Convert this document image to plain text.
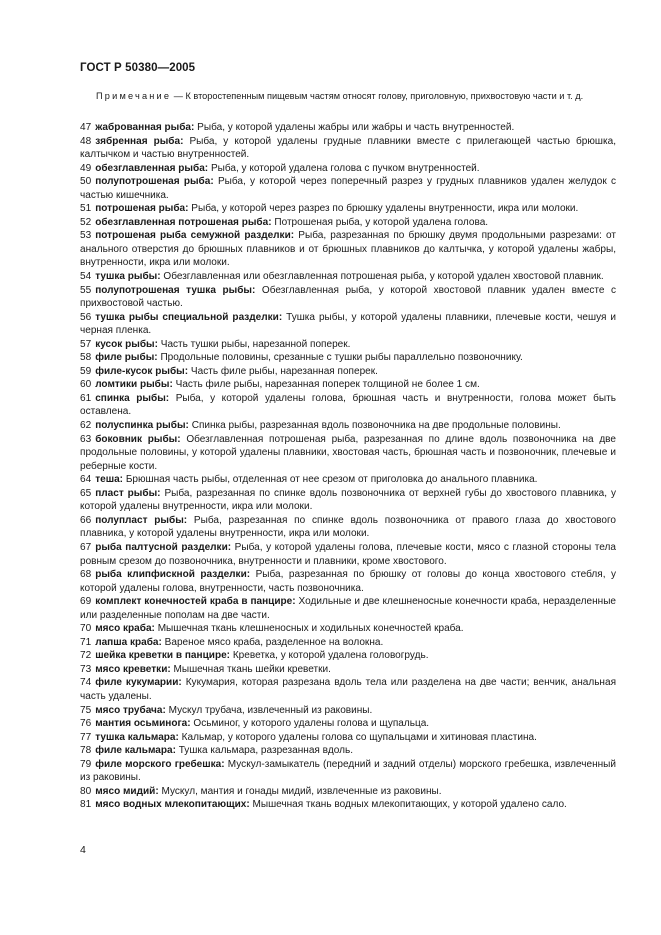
ГОСТ Р 50380—2005
Примечание — К второстепенным пищевым частям относят голову, приголовную, прихвостовую части и т. д.
47 жаброванная рыба: Рыба, у которой удалены жабры или жабры и часть внутренностей.
48 зябренная рыба: Рыба, у которой удалены грудные плавники вместе с прилегающей частью брюшка, калтычком и частью внутренностей.
49 обезглавленная рыба: Рыба, у которой удалена голова с пучком внутренностей.
50 полупотрошеная рыба: Рыба, у которой через поперечный разрез у грудных плавников удален желудок с частью кишечника.
51 потрошеная рыба: Рыба, у которой через разрез по брюшку удалены внутренности, икра или молоки.
52 обезглавленная потрошеная рыба: Потрошеная рыба, у которой удалена голова.
53 потрошеная рыба семужной разделки: Рыба, разрезанная по брюшку двумя продольными разрезами: от анального отверстия до брюшных плавников и от брюшных плавников до калтычка, у которой удалены жабры, внутренности, икра или молоки.
54 тушка рыбы: Обезглавленная или обезглавленная потрошеная рыба, у которой удален хвостовой плавник.
55 полупотрошеная тушка рыбы: Обезглавленная рыба, у которой хвостовой плавник удален вместе с прихвостовой частью.
56 тушка рыбы специальной разделки: Тушка рыбы, у которой удалены плавники, плечевые кости, чешуя и черная пленка.
57 кусок рыбы: Часть тушки рыбы, нарезанной поперек.
58 филе рыбы: Продольные половины, срезанные с тушки рыбы параллельно позвоночнику.
59 филе-кусок рыбы: Часть филе рыбы, нарезанная поперек.
60 ломтики рыбы: Часть филе рыбы, нарезанная поперек толщиной не более 1 см.
61 спинка рыбы: Рыба, у которой удалены голова, брюшная часть и внутренности, голова может быть оставлена.
62 полуспинка рыбы: Спинка рыбы, разрезанная вдоль позвоночника на две продольные половины.
63 боковник рыбы: Обезглавленная потрошеная рыба, разрезанная по длине вдоль позвоночника на две продольные половины, у которой удалены плавники, хвостовая часть, брюшная часть и позвоночник, плечевые и реберные кости.
64 теша: Брюшная часть рыбы, отделенная от нее срезом от приголовка до анального плавника.
65 пласт рыбы: Рыба, разрезанная по спинке вдоль позвоночника от верхней губы до хвостового плавника, у которой удалены внутренности, икра или молоки.
66 полупласт рыбы: Рыба, разрезанная по спинке вдоль позвоночника от правого глаза до хвостового плавника, у которой удалены внутренности, икра или молоки.
67 рыба палтусной разделки: Рыба, у которой удалены голова, плечевые кости, мясо с глазной стороны тела ровным срезом до позвоночника, внутренности и плавники, кроме хвостового.
68 рыба клипфискной разделки: Рыба, разрезанная по брюшку от головы до конца хвостового стебля, у которой удалены голова, внутренности, часть позвоночника.
69 комплект конечностей краба в панцире: Ходильные и две клешненосные конечности краба, неразделенные или разделенные пополам на две части.
70 мясо краба: Мышечная ткань клешненосных и ходильных конечностей краба.
71 лапша краба: Вареное мясо краба, разделенное на волокна.
72 шейка креветки в панцире: Креветка, у которой удалена головогрудь.
73 мясо креветки: Мышечная ткань шейки креветки.
74 филе кукумарии: Кукумария, которая разрезана вдоль тела или разделена на две части; венчик, анальная часть удалены.
75 мясо трубача: Мускул трубача, извлеченный из раковины.
76 мантия осьминога: Осьминог, у которого удалены голова и щупальца.
77 тушка кальмара: Кальмар, у которого удалены голова со щупальцами и хитиновая пластина.
78 филе кальмара: Тушка кальмара, разрезанная вдоль.
79 филе морского гребешка: Мускул-замыкатель (передний и задний отделы) морского гребешка, извлеченный из раковины.
80 мясо мидий: Мускул, мантия и гонады мидий, извлеченные из раковины.
81 мясо водных млекопитающих: Мышечная ткань водных млекопитающих, у которой удалено сало.
4
